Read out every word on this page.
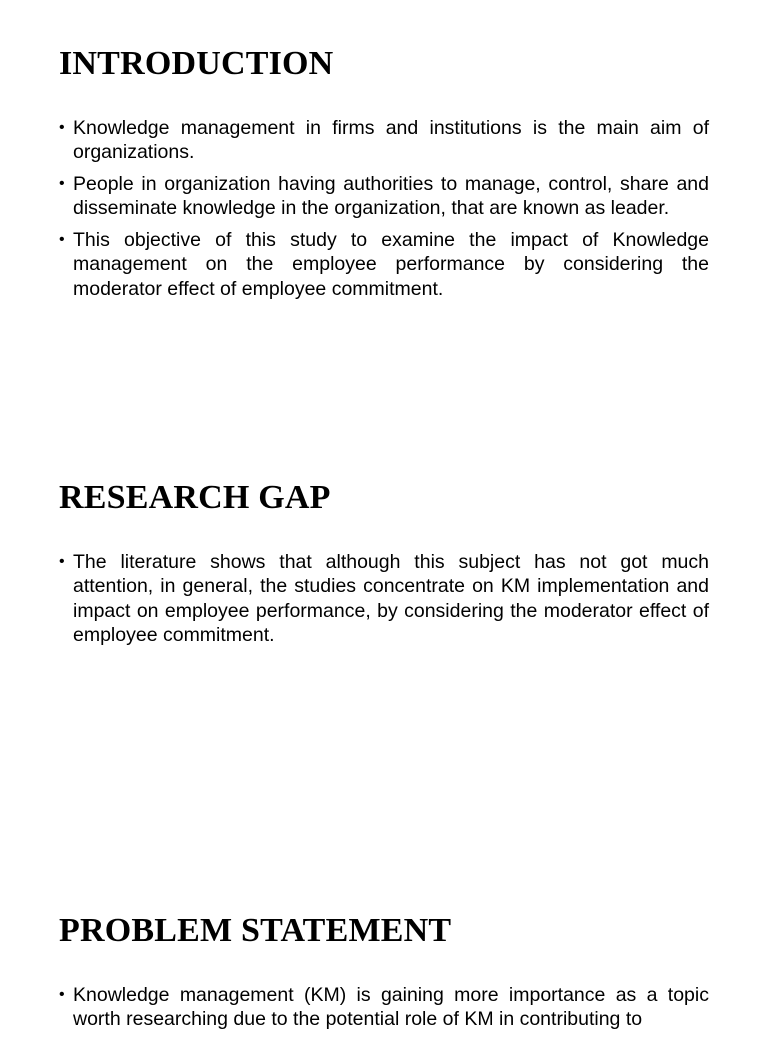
INTRODUCTION
• Knowledge management in firms and institutions is the main aim of organizations.
• People in organization having authorities to manage, control, share and disseminate knowledge in the organization, that are known as leader.
• This objective of this study to examine the impact of Knowledge management on the employee performance by considering the moderator effect of employee commitment.
RESEARCH GAP
• The literature shows that although this subject has not got much attention, in general, the studies concentrate on KM implementation and impact on employee performance, by considering the moderator effect of employee commitment.
PROBLEM STATEMENT
• Knowledge management (KM) is gaining more importance as a topic worth researching due to the potential role of KM in contributing to
